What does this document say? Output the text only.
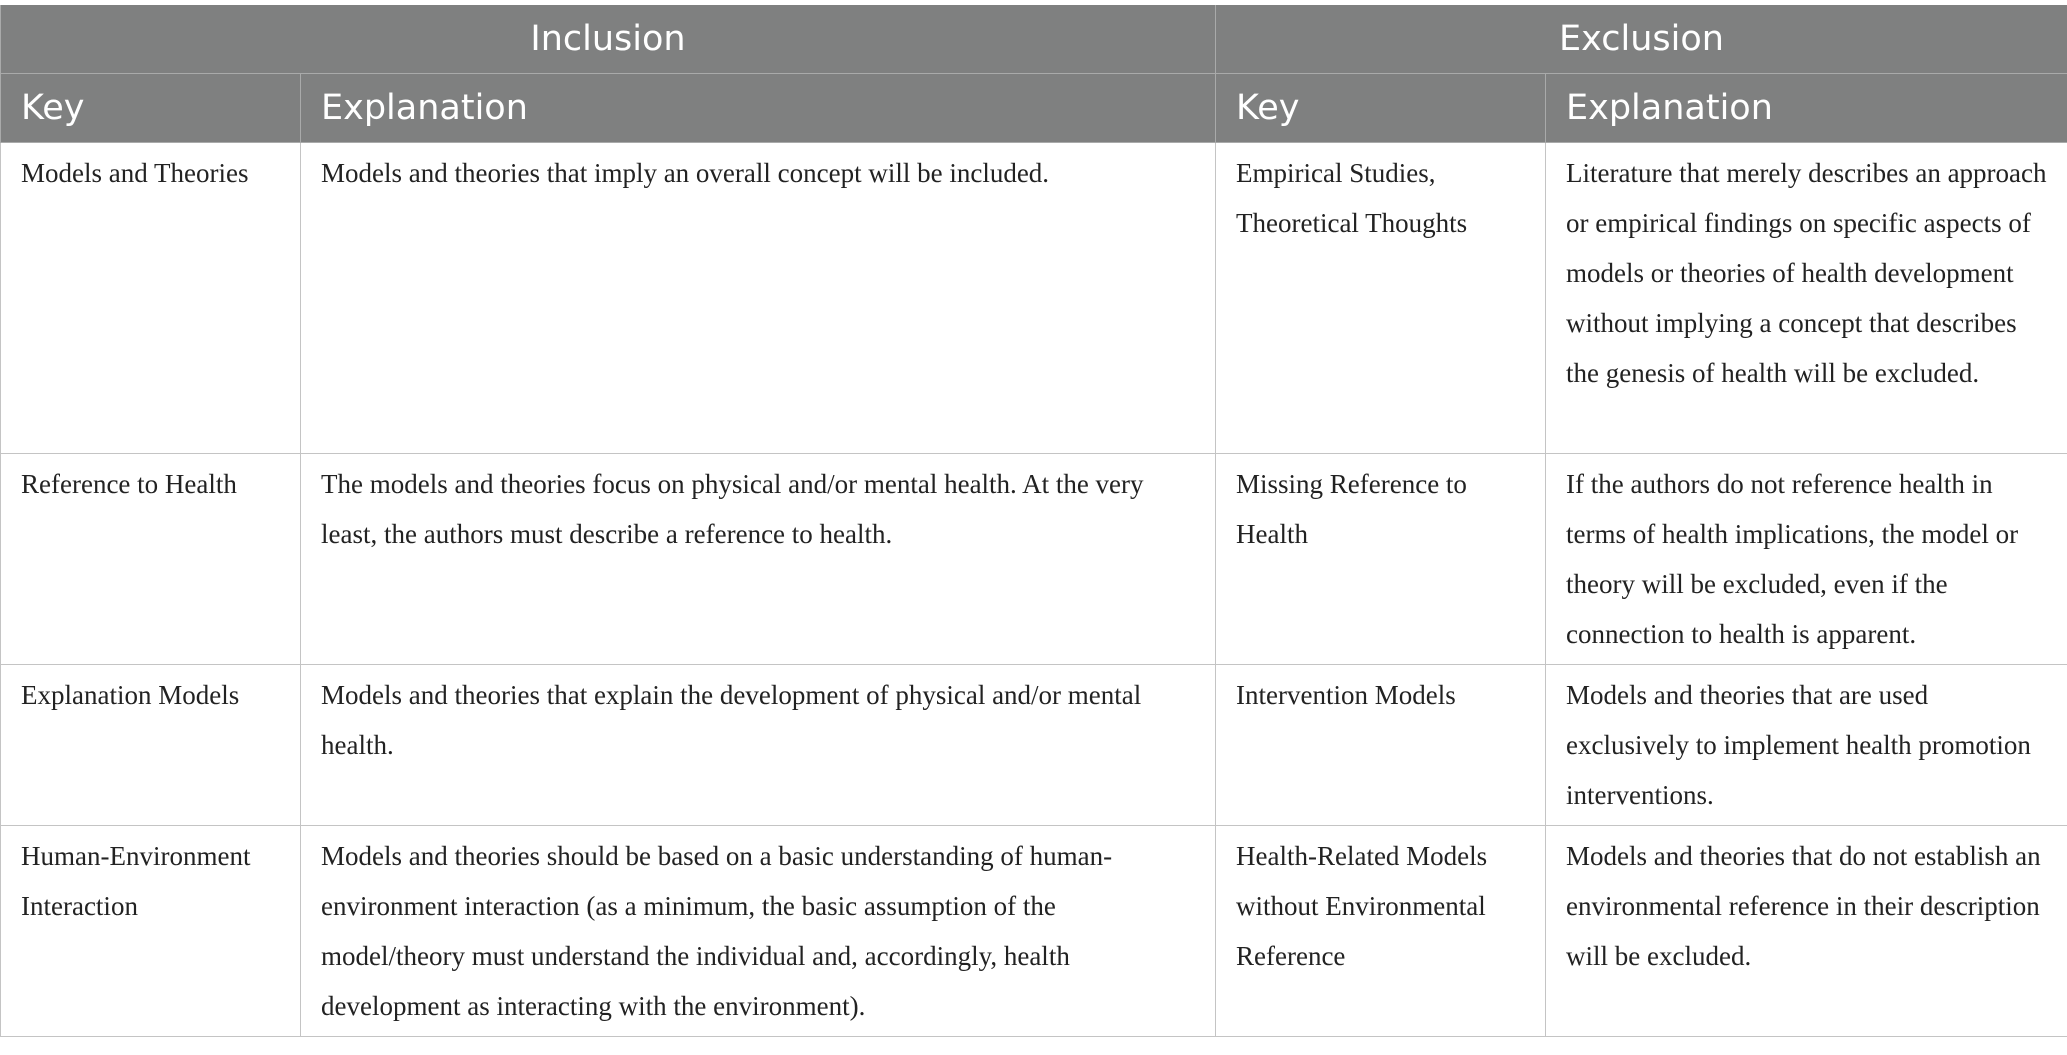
Inclusion		Exclusion	
Key	Explanation	Key	Explanation
Models and Theories	Models and theories that imply an overall concept will be included.	Empirical Studies, Theoretical Thoughts	Literature that merely describes an approach or empirical findings on specific aspects of models or theories of health development without implying a concept that describes the genesis of health will be excluded.
Reference to Health	The models and theories focus on physical and/or mental health. At the very least, the authors must describe a reference to health.	Missing Reference to Health	If the authors do not reference health in terms of health implications, the model or theory will be excluded, even if the connection to health is apparent.
Explanation Models	Models and theories that explain the development of physical and/or mental health.	Intervention Models	Models and theories that are used exclusively to implement health promotion interventions.
Human-Environment Interaction	Models and theories should be based on a basic understanding of human-environment interaction (as a minimum, the basic assumption of the model/theory must understand the individual and, accordingly, health development as interacting with the environment).	Health-Related Models without Environmental Reference	Models and theories that do not establish an environmental reference in their description will be excluded.
